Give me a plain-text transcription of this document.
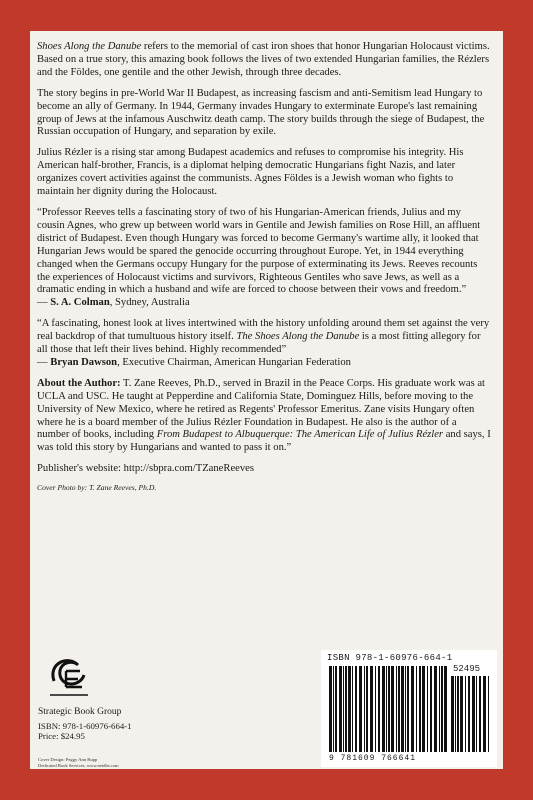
Shoes Along the Danube refers to the memorial of cast iron shoes that honor Hungarian Holocaust victims. Based on a true story, this amazing book follows the lives of two extended Hungarian families, the Rézlers and the Földes, one gentile and the other Jewish, through three decades.

The story begins in pre-World War II Budapest, as increasing fascism and anti-Semitism lead Hungary to become an ally of Germany. In 1944, Germany invades Hungary to exterminate Europe's last remaining group of Jews at the infamous Auschwitz death camp. The story builds through the siege of Budapest, the Russian occupation of Hungary, and separation by exile.

Julius Rézler is a rising star among Budapest academics and refuses to compromise his integrity. His American half-brother, Francis, is a diplomat helping democratic Hungarians fight Nazis, and later organizes covert activities against the communists. Agnes Földes is a Jewish woman who fights to maintain her dignity during the Holocaust.

“Professor Reeves tells a fascinating story of two of his Hungarian-American friends, Julius and my cousin Agnes, who grew up between world wars in Gentile and Jewish families on Rose Hill, an affluent district of Budapest. Even though Hungary was forced to become Germany's wartime ally, it looked that Hungarian Jews would be spared the genocide occurring throughout Europe. Yet, in 1944 everything changed when the Germans occupy Hungary for the purpose of exterminating its Jews. Reeves recounts the experiences of Holocaust victims and survivors, Righteous Gentiles who save Jews, as well as a dramatic ending in which a husband and wife are forced to choose between their vows and freedom.”
— S. A. Colman, Sydney, Australia

“A fascinating, honest look at lives intertwined with the history unfolding around them set against the very real backdrop of that tumultuous history itself. The Shoes Along the Danube is a most fitting allegory for all those that left their lives behind. Highly recommended”
— Bryan Dawson, Executive Chairman, American Hungarian Federation

About the Author: T. Zane Reeves, Ph.D., served in Brazil in the Peace Corps. His graduate work was at UCLA and USC. He taught at Pepperdine and California State, Dominguez Hills, before moving to the University of New Mexico, where he retired as Regents' Professor Emeritus. Zane visits Hungary often where he is a board member of the Julius Rézler Foundation in Budapest. He also is the author of a number of books, including From Budapest to Albuquerque: The American Life of Julius Rézler and says, I was told this story by Hungarians and wanted to pass it on.”

Publisher's website: http://sbpra.com/TZaneReeves

Cover Photo by: T. Zane Reeves, Ph.D.

Strategic Book Group
ISBN: 978-1-60976-664-1
Price: $24.95
Cover Design: Peggy Ann Rupp
Dedicated Book Services, www.netdbs.com
ISBN 978-1-60976-664-1
52495
9 781609 766641
